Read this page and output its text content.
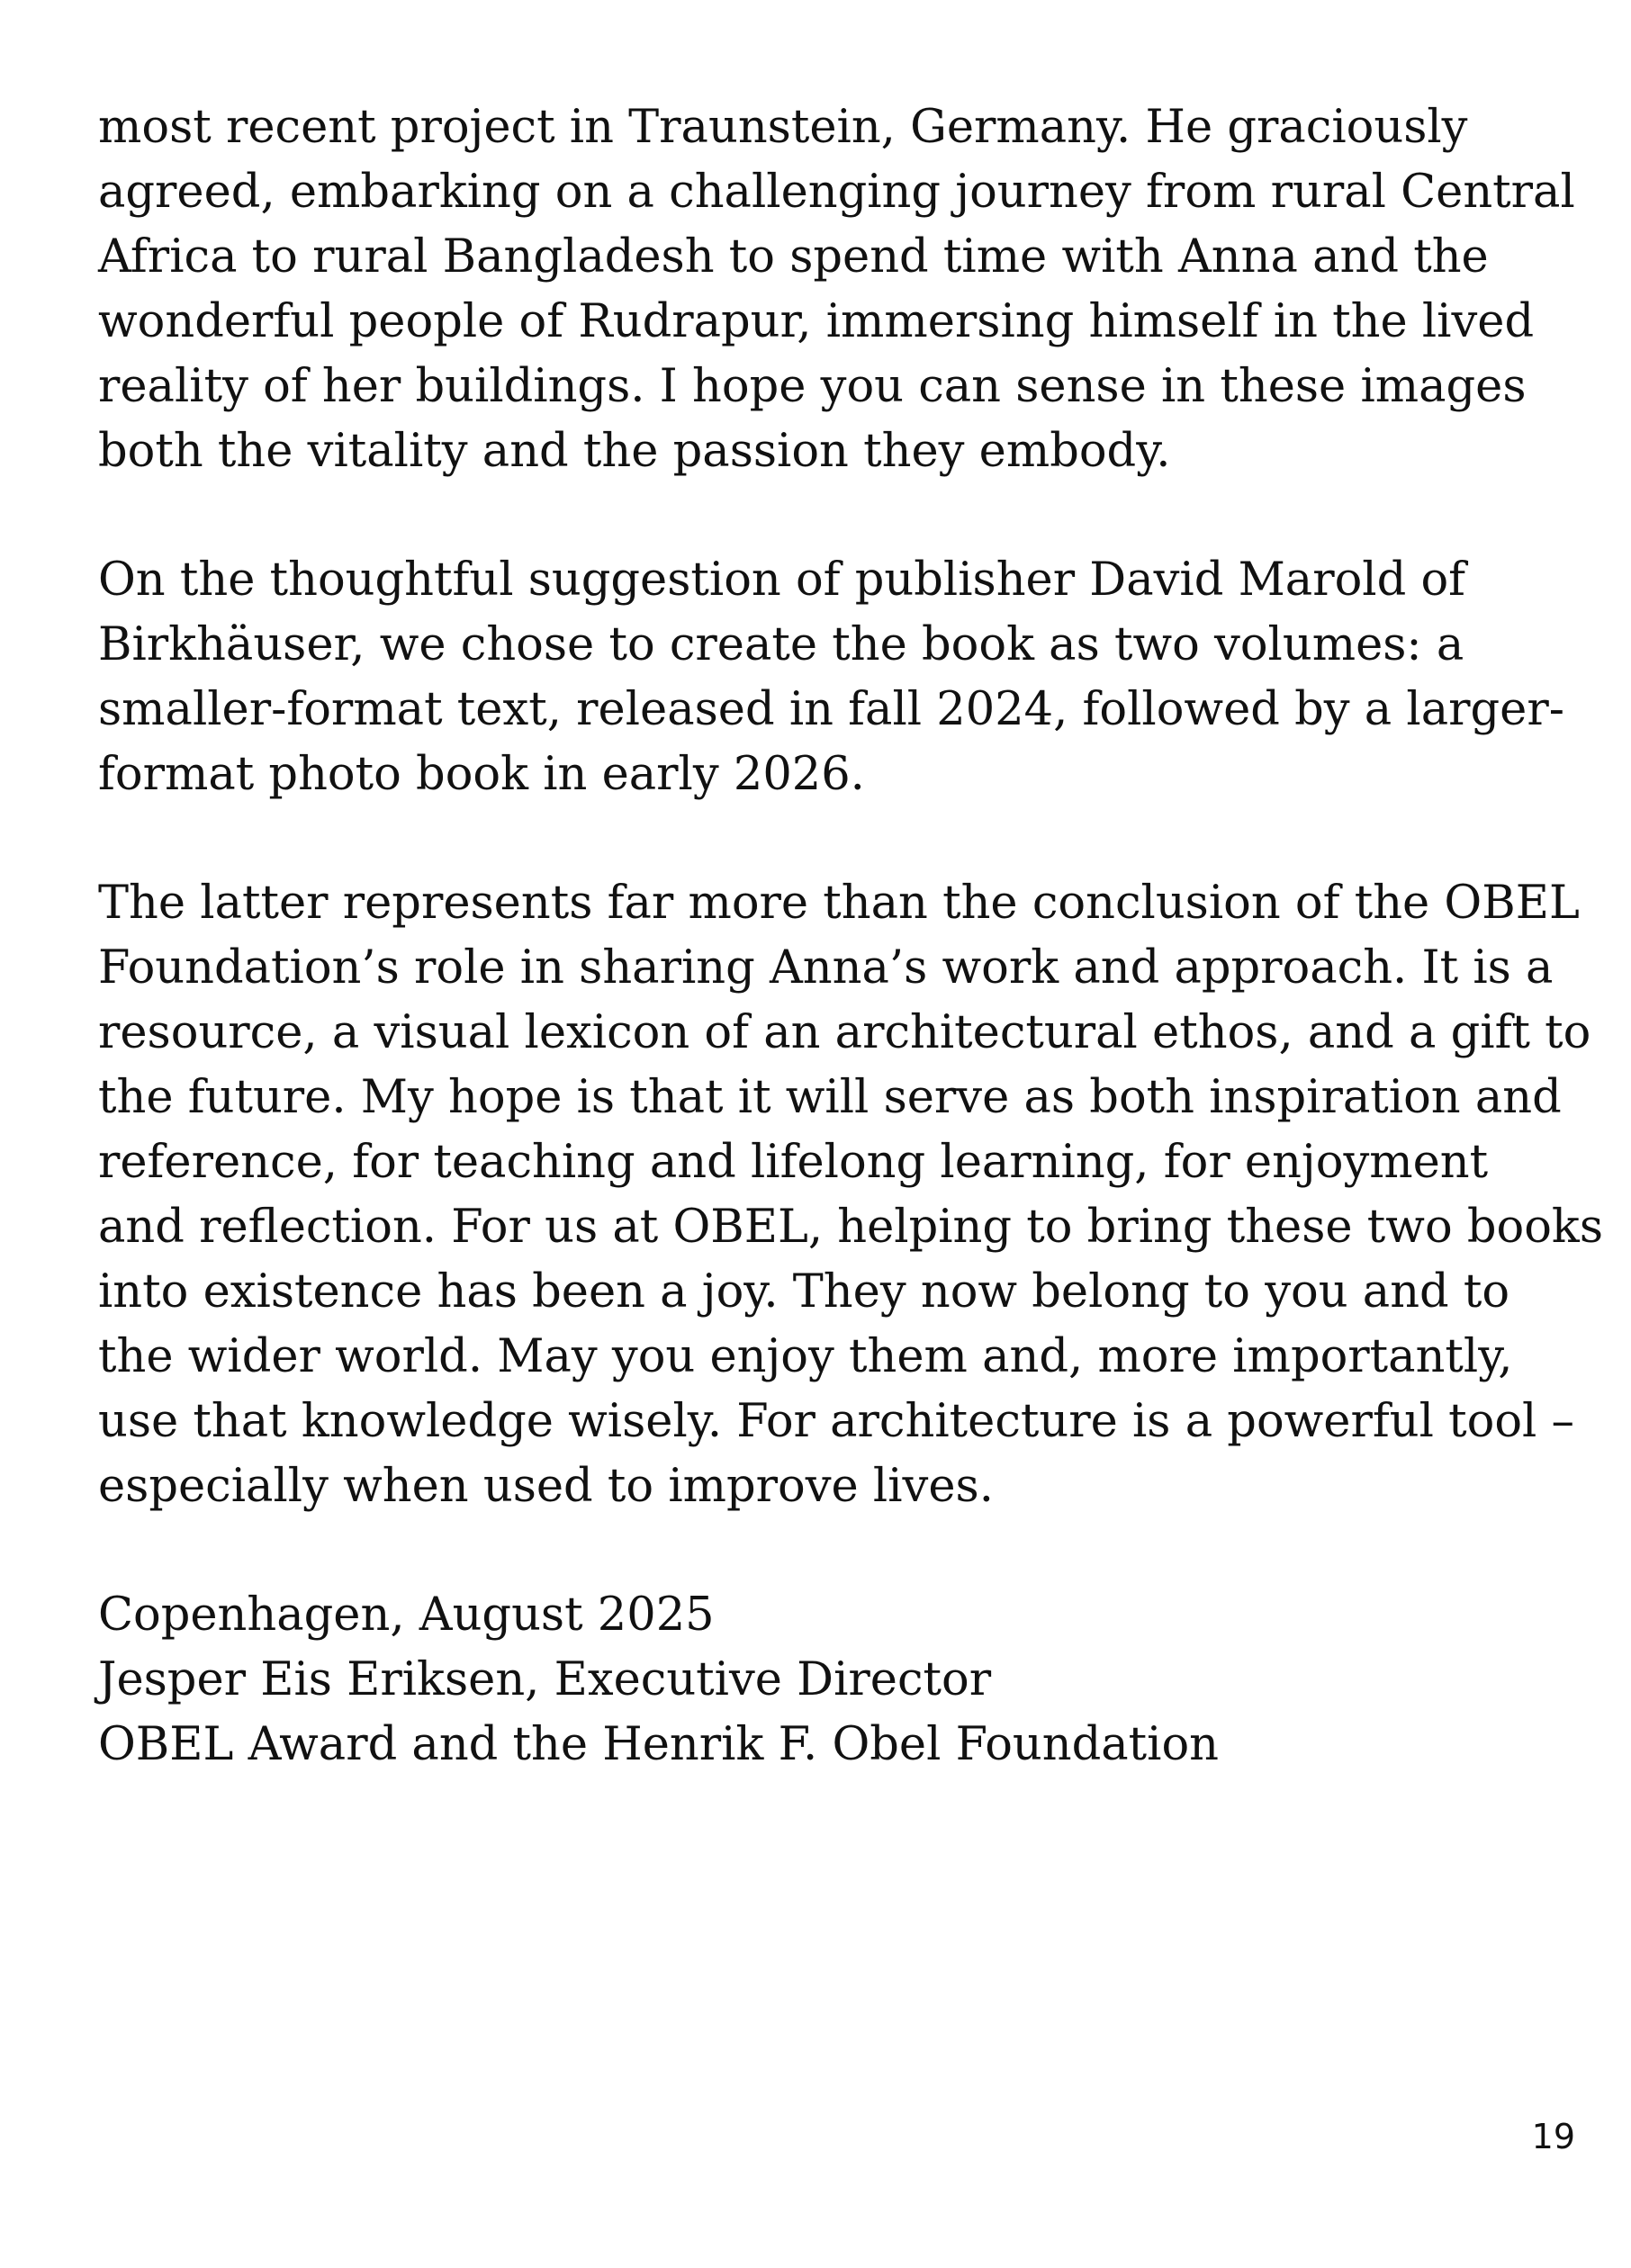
most recent project in Traunstein, Germany. He graciously
agreed, embarking on a challenging journey from rural Central
Africa to rural Bangladesh to spend time with Anna and the
wonderful people of Rudrapur, immersing himself in the lived
reality of her buildings. I hope you can sense in these images
both the vitality and the passion they embody.

On the thoughtful suggestion of publisher David Marold of
Birkhäuser, we chose to create the book as two volumes: a
smaller-format text, released in fall 2024, followed by a larger-
format photo book in early 2026.

The latter represents far more than the conclusion of the OBEL
Foundation’s role in sharing Anna’s work and approach. It is a
resource, a visual lexicon of an architectural ethos, and a gift to
the future. My hope is that it will serve as both inspiration and
reference, for teaching and lifelong learning, for enjoyment
and reflection. For us at OBEL, helping to bring these two books
into existence has been a joy. They now belong to you and to
the wider world. May you enjoy them and, more importantly,
use that knowledge wisely. For architecture is a powerful tool –
especially when used to improve lives.

Copenhagen, August 2025
Jesper Eis Eriksen, Executive Director
OBEL Award and the Henrik F. Obel Foundation

19
